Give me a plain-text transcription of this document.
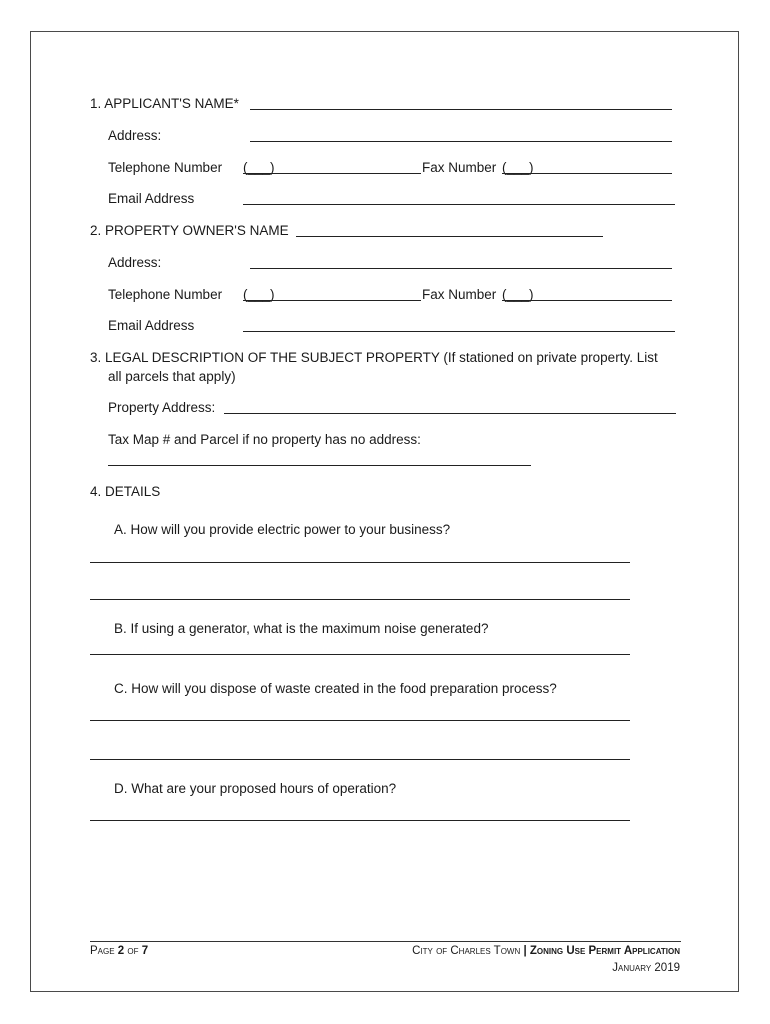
1. APPLICANT'S NAME*
Address:
Telephone Number (___)	Fax Number (___)
Email Address
2. PROPERTY OWNER'S NAME
Address:
Telephone Number (___)	Fax Number (___)
Email Address
3. LEGAL DESCRIPTION OF THE SUBJECT PROPERTY (If stationed on private property. List
all parcels that apply)
Property Address:
Tax Map # and Parcel if no property has no address:
4. DETAILS
A. How will you provide electric power to your business?
B. If using a generator, what is the maximum noise generated?
C. How will you dispose of waste created in the food preparation process?
D. What are your proposed hours of operation?
Page 2 of 7	City of Charles Town | Zoning Use Permit Application
January 2019
